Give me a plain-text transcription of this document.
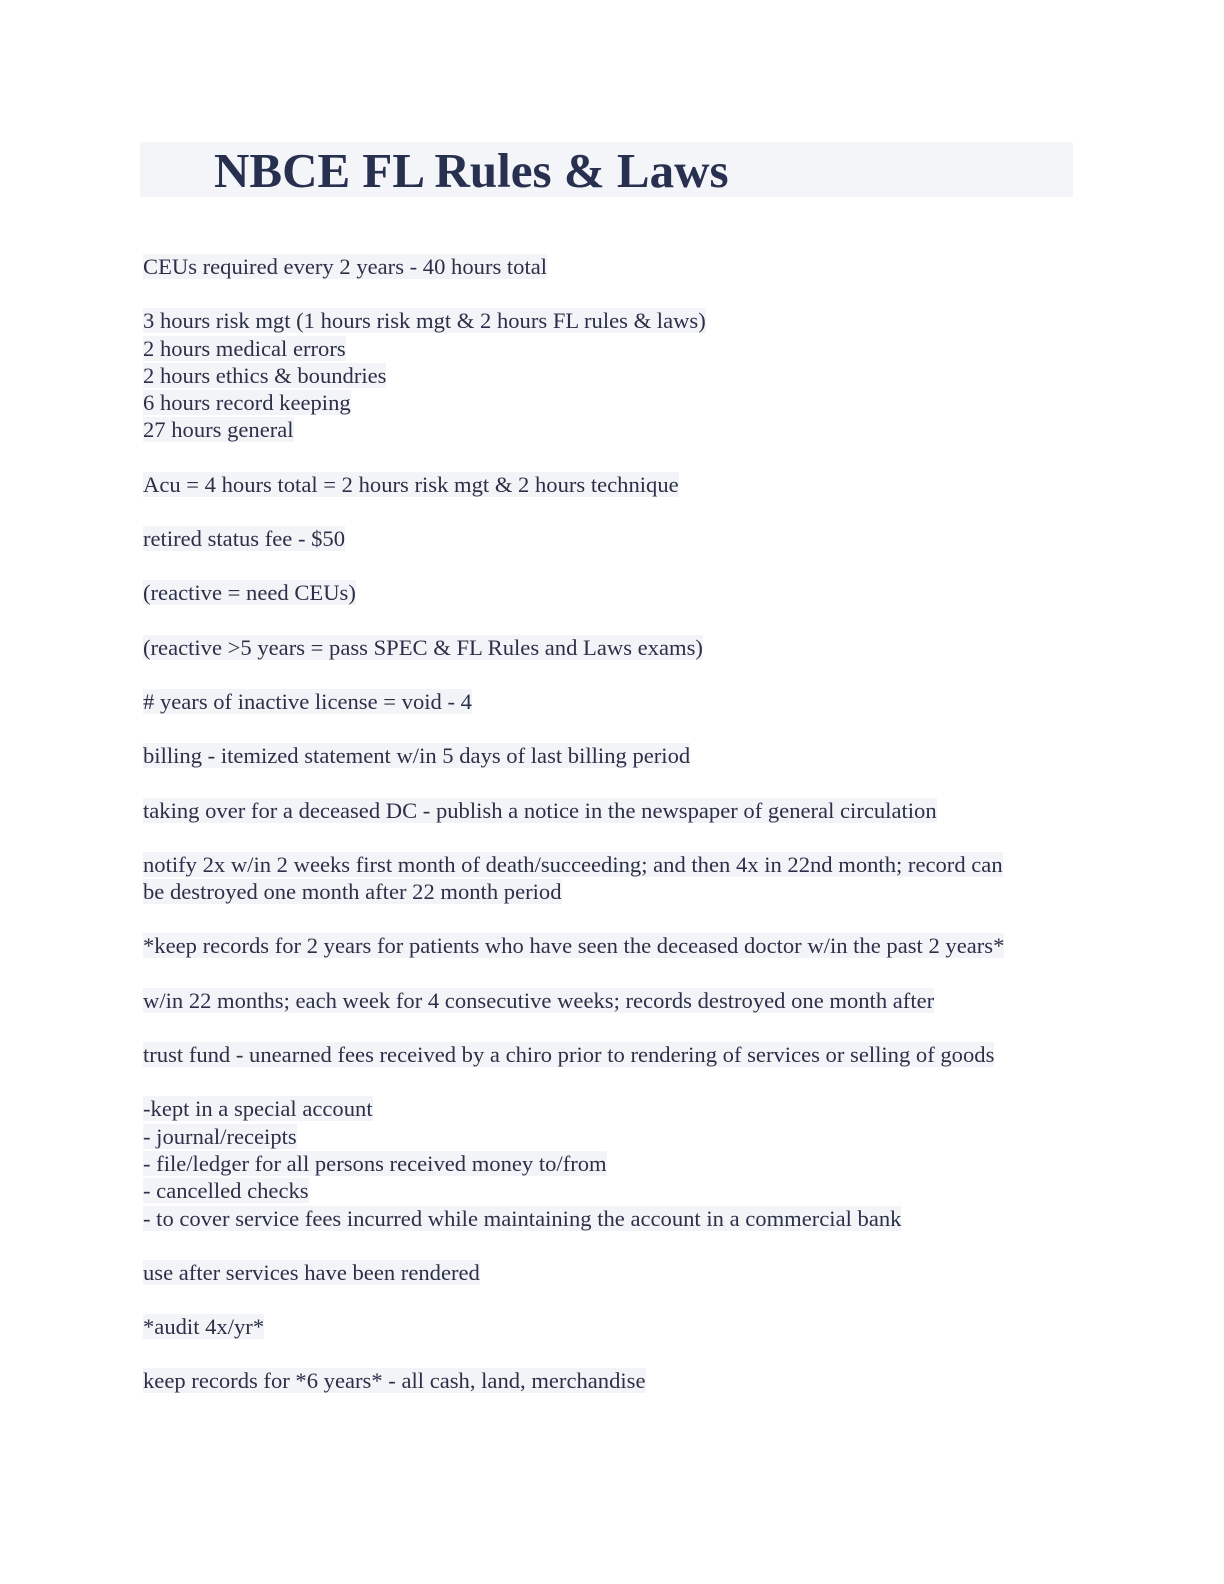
NBCE FL Rules & Laws
CEUs required every 2 years - 40 hours total
3 hours risk mgt (1 hours risk mgt & 2 hours FL rules & laws)
2 hours medical errors
2 hours ethics & boundries
6 hours record keeping
27 hours general
Acu = 4 hours total = 2 hours risk mgt & 2 hours technique
retired status fee - $50
(reactive = need CEUs)
(reactive >5 years = pass SPEC & FL Rules and Laws exams)
# years of inactive license = void - 4
billing - itemized statement w/in 5 days of last billing period
taking over for a deceased DC - publish a notice in the newspaper of general circulation
notify 2x w/in 2 weeks first month of death/succeeding; and then 4x in 22nd month; record can
be destroyed one month after 22 month period
*keep records for 2 years for patients who have seen the deceased doctor w/in the past 2 years*
w/in 22 months; each week for 4 consecutive weeks; records destroyed one month after
trust fund - unearned fees received by a chiro prior to rendering of services or selling of goods
-kept in a special account
- journal/receipts
- file/ledger for all persons received money to/from
- cancelled checks
- to cover service fees incurred while maintaining the account in a commercial bank
use after services have been rendered
*audit 4x/yr*
keep records for *6 years* - all cash, land, merchandise
